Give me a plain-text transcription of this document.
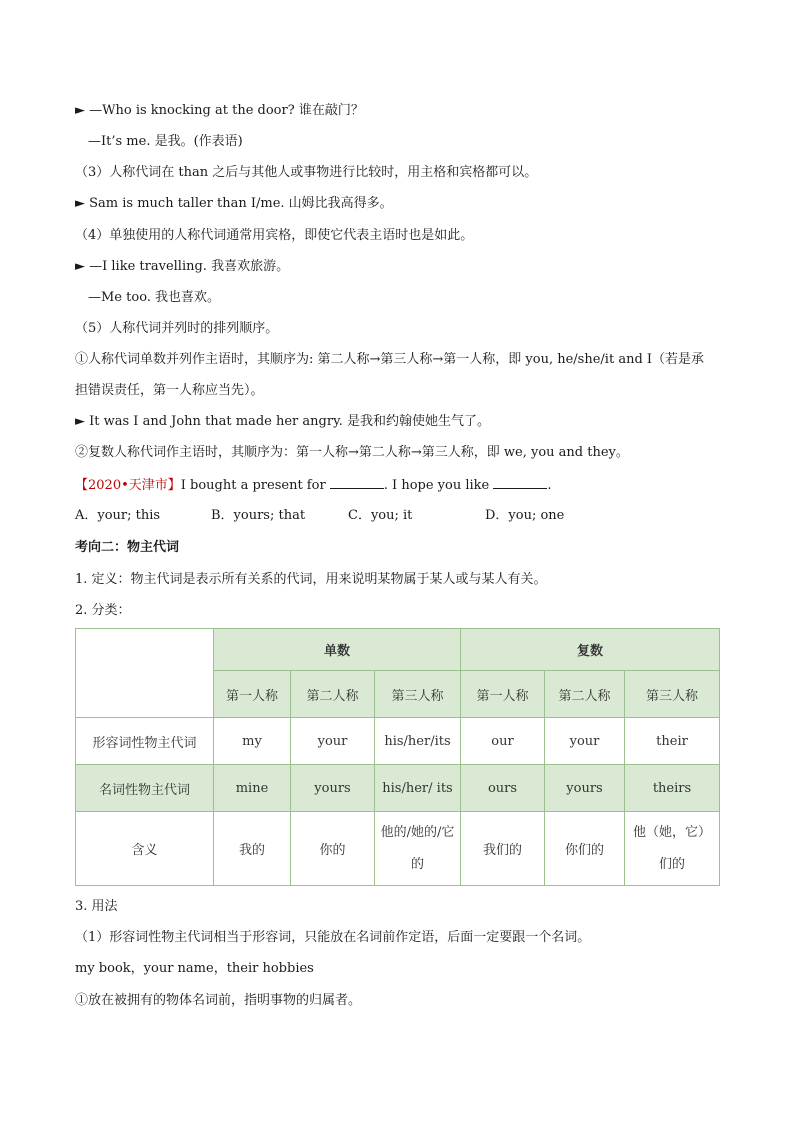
► —Who is knocking at the door? 谁在敲门？
—It’s me. 是我。(作表语)
（3）人称代词在 than 之后与其他人或事物进行比较时，用主格和宾格都可以。
► Sam is much taller than I/me. 山姆比我高得多。
（4）单独使用的人称代词通常用宾格，即使它代表主语时也是如此。
► —I like travelling. 我喜欢旅游。
—Me too. 我也喜欢。
（5）人称代词并列时的排列顺序。
①人称代词单数并列作主语时，其顺序为: 第二人称→第三人称→第一人称，即 you, he/she/it and I（若是承
担错误责任，第一人称应当先）。
► It was I and John that made her angry. 是我和约翰使她生气了。
②复数人称代词作主语时，其顺序为：第一人称→第二人称→第三人称，即 we, you and they。
【2020•天津市】I bought a present for	. I hope you like	.
A．your; this	B．yours; that	C．you; it	D．you; one
考向二：物主代词
1. 定义：物主代词是表示所有关系的代词，用来说明某物属于某人或与某人有关。
2. 分类：
	单数			复数		
	第一人称	第二人称	第三人称	第一人称	第二人称	第三人称
形容词性物主代词	my	your	his/her/its	our	your	their
名词性物主代词	mine	yours	his/her/ its	ours	yours	theirs
含义	我的	你的	他的/她的/它的	我们的	你们的	他（她，它）们的
3. 用法
（1）形容词性物主代词相当于形容词，只能放在名词前作定语，后面一定要跟一个名词。
my book，your name，their hobbies
①放在被拥有的物体名词前，指明事物的归属者。
